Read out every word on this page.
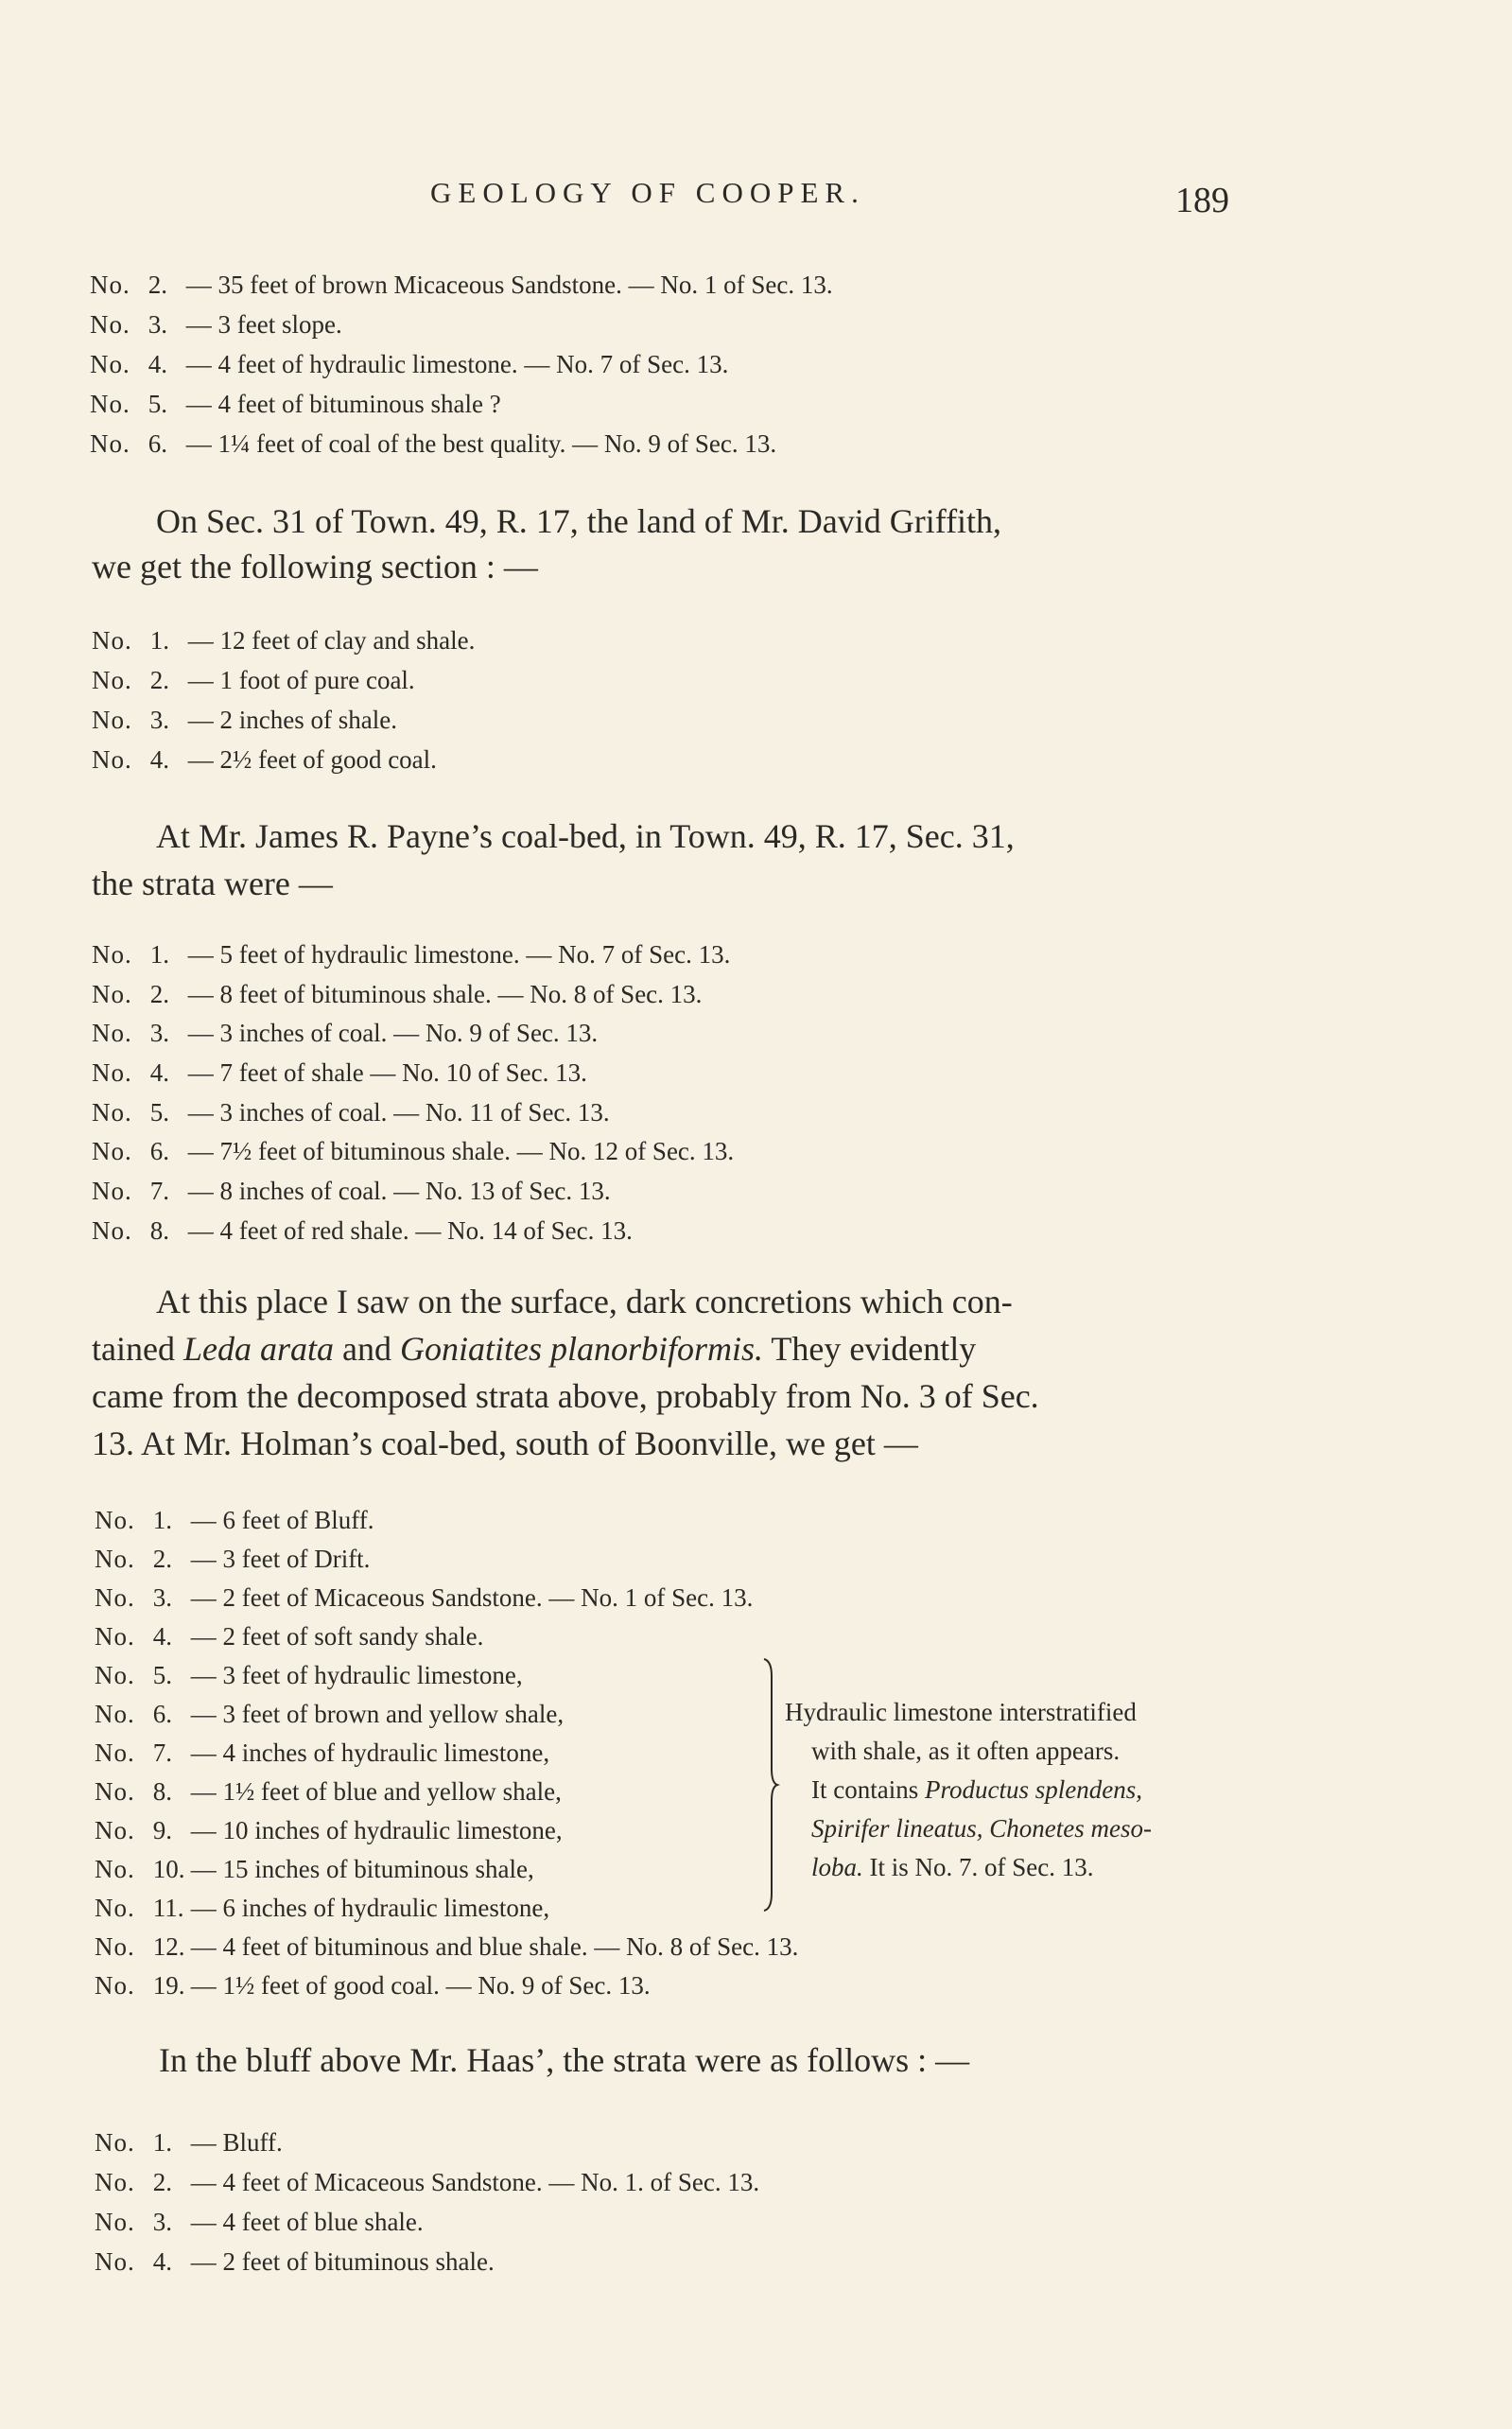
GEOLOGY OF COOPER.	189
No. 2. — 35 feet of brown Micaceous Sandstone. — No. 1 of Sec. 13.
No. 3. — 3 feet slope.
No. 4. — 4 feet of hydraulic limestone. — No. 7 of Sec. 13.
No. 5. — 4 feet of bituminous shale ?
No. 6. — 1¼ feet of coal of the best quality. — No. 9 of Sec. 13.
On Sec. 31 of Town. 49, R. 17, the land of Mr. David Griffith,
we get the following section : —
No. 1. — 12 feet of clay and shale.
No. 2. — 1 foot of pure coal.
No. 3. — 2 inches of shale.
No. 4. — 2½ feet of good coal.
At Mr. James R. Payne’s coal-bed, in Town. 49, R. 17, Sec. 31,
the strata were —
No. 1. — 5 feet of hydraulic limestone. — No. 7 of Sec. 13.
No. 2. — 8 feet of bituminous shale. — No. 8 of Sec. 13.
No. 3. — 3 inches of coal. — No. 9 of Sec. 13.
No. 4. — 7 feet of shale — No. 10 of Sec. 13.
No. 5. — 3 inches of coal. — No. 11 of Sec. 13.
No. 6. — 7½ feet of bituminous shale. — No. 12 of Sec. 13.
No. 7. — 8 inches of coal. — No. 13 of Sec. 13.
No. 8. — 4 feet of red shale. — No. 14 of Sec. 13.
At this place I saw on the surface, dark concretions which con-
tained Leda arata and Goniatites planorbiformis. They evidently
came from the decomposed strata above, probably from No. 3 of Sec.
13. At Mr. Holman’s coal-bed, south of Boonville, we get —
No. 1. — 6 feet of Bluff.
No. 2. — 3 feet of Drift.
No. 3. — 2 feet of Micaceous Sandstone. — No. 1 of Sec. 13.
No. 4. — 2 feet of soft sandy shale.
No. 5. — 3 feet of hydraulic limestone,
No. 6. — 3 feet of brown and yellow shale,
No. 7. — 4 inches of hydraulic limestone,
No. 8. — 1½ feet of blue and yellow shale,
No. 9. — 10 inches of hydraulic limestone,
No. 10. — 15 inches of bituminous shale,
No. 11. — 6 inches of hydraulic limestone,
No. 12. — 4 feet of bituminous and blue shale. — No. 8 of Sec. 13.
No. 19. — 1½ feet of good coal. — No. 9 of Sec. 13.
Hydraulic limestone interstratified
with shale, as it often appears.
It contains Productus splendens,
Spirifer lineatus, Chonetes meso-
loba. It is No. 7. of Sec. 13.
In the bluff above Mr. Haas’, the strata were as follows : —
No. 1. — Bluff.
No. 2. — 4 feet of Micaceous Sandstone. — No. 1. of Sec. 13.
No. 3. — 4 feet of blue shale.
No. 4. — 2 feet of bituminous shale.
